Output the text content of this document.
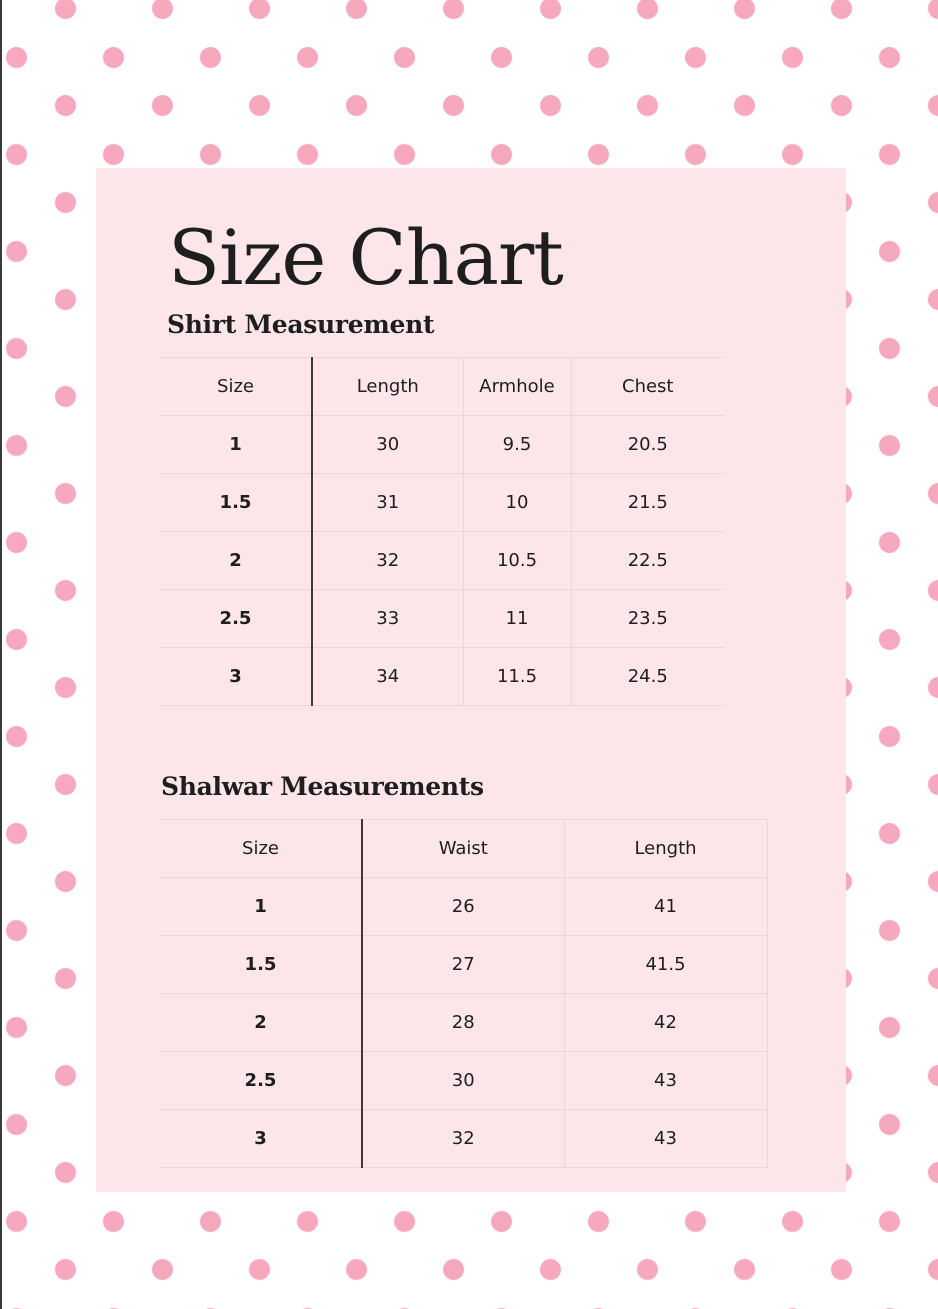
Size Chart
Shirt Measurement
Size	Length	Armhole	Chest
1	30	9.5	20.5
1.5	31	10	21.5
2	32	10.5	22.5
2.5	33	11	23.5
3	34	11.5	24.5
Shalwar Measurements
Size	Waist	Length
1	26	41
1.5	27	41.5
2	28	42
2.5	30	43
3	32	43
